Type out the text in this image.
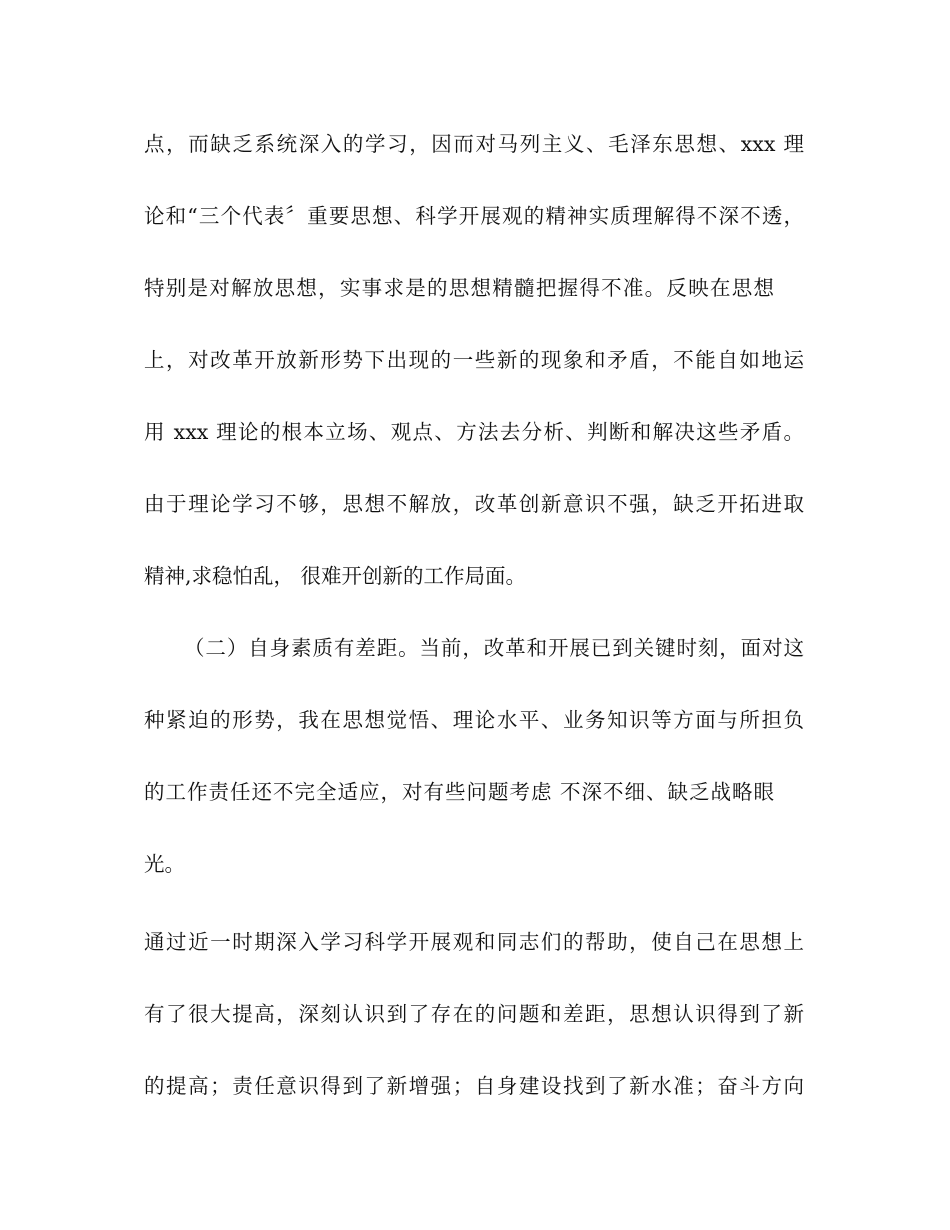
点，而缺乏系统深入的学习，因而对马列主义、毛泽东思想、xxx 理
论和“三个代表〞重要思想、科学开展观的精神实质理解得不深不透，
特别是对解放思想，实事求是的思想精髓把握得不准。反映在思想
上，对改革开放新形势下出现的一些新的现象和矛盾，不能自如地运
用 xxx 理论的根本立场、观点、方法去分析、判断和解决这些矛盾。
由于理论学习不够，思想不解放，改革创新意识不强，缺乏开拓进取
精神,求稳怕乱， 很难开创新的工作局面。
（二）自身素质有差距。当前，改革和开展已到关键时刻，面对这
种紧迫的形势，我在思想觉悟、理论水平、业务知识等方面与所担负
的工作责任还不完全适应，对有些问题考虑 不深不细、缺乏战略眼
光。
通过近一时期深入学习科学开展观和同志们的帮助，使自己在思想上
有了很大提高，深刻认识到了存在的问题和差距，思想认识得到了新
的提高；责任意识得到了新增强；自身建设找到了新水准；奋斗方向
